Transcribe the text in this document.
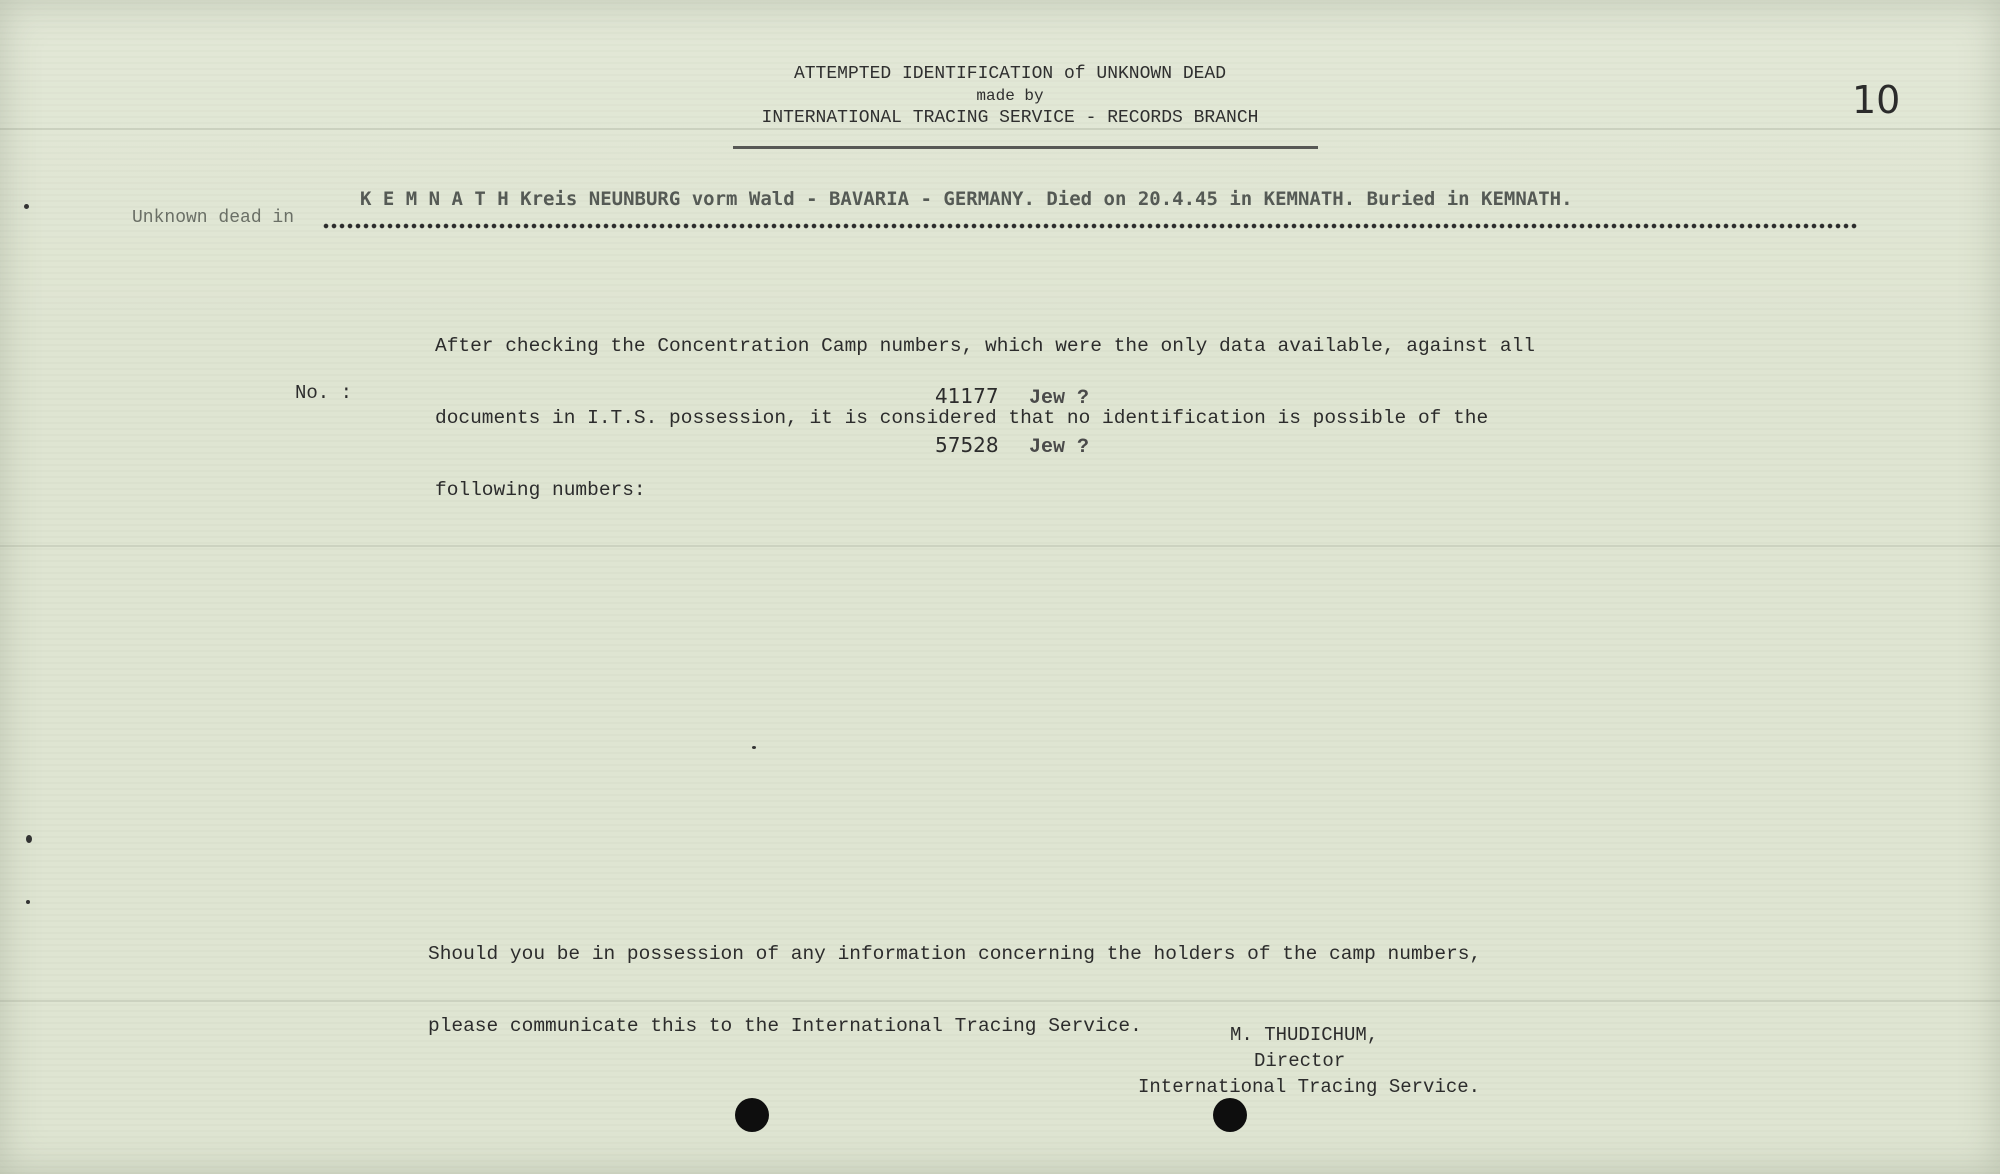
ATTEMPTED IDENTIFICATION of UNKNOWN DEAD
made by
INTERNATIONAL TRACING SERVICE - RECORDS BRANCH	10
K E M N A T H Kreis NEUNBURG vorm Wald - BAVARIA - GERMANY. Died on 20.4.45 in KEMNATH. Buried in KEMNATH.
Unknown dead in

After checking the Concentration Camp numbers, which were the only data available, against all

documents in I.T.S. possession, it is considered that no identification is possible of the

following numbers:

No. :	41177 Jew ?
57528 Jew ?

Should you be in possession of any information concerning the holders of the camp numbers,

please communicate this to the International Tracing Service.

	M. THUDICHUM,
Director
International Tracing Service.
